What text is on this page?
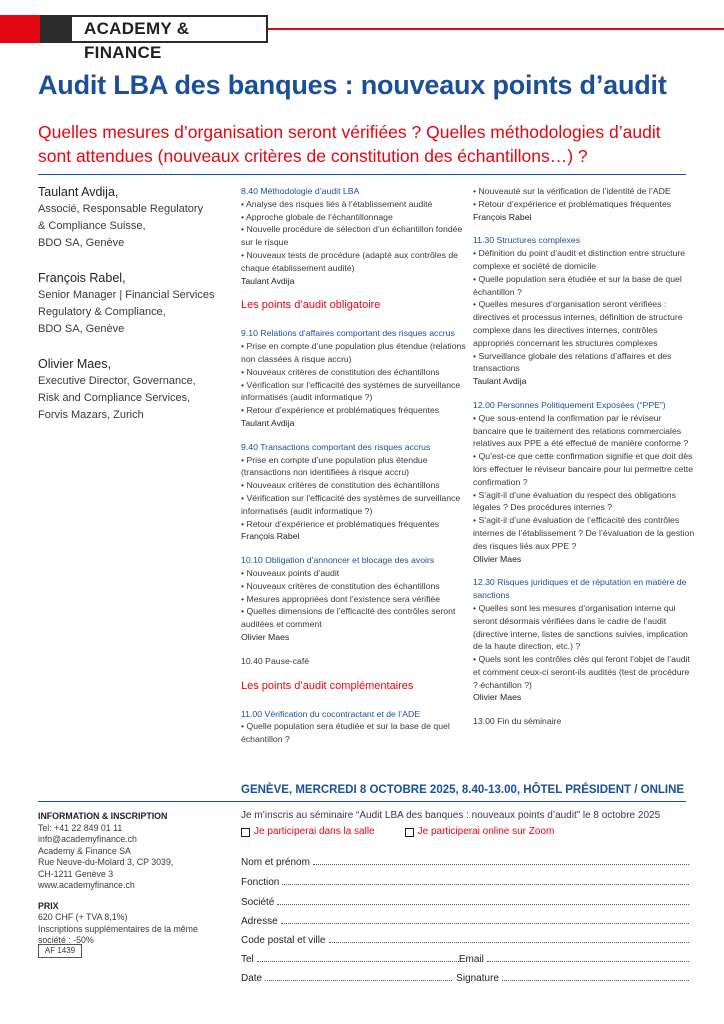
ACADEMY & FINANCE
Audit LBA des banques : nouveaux points d’audit

Quelles mesures d’organisation seront vérifiées ? Quelles méthodologies d’audit sont attendues (nouveaux critères de constitution des échantillons…) ?

Taulant Avdija,
Associé, Responsable Regulatory
& Compliance Suisse,
BDO SA, Genève
François Rabel,
Senior Manager | Financial Services
Regulatory & Compliance,
BDO SA, Genève
Olivier Maes,
Executive Director, Governance,
Risk and Compliance Services,
Forvis Mazars, Zurich
8.40 Méthodologie d’audit LBA
• Analyse des risques liés à l’établissement audité
• Approche globale de l’échantillonnage
• Nouvelle procédure de sélection d’un échantillon fondée sur le risque
• Nouveaux tests de procédure (adapté aux contrôles de chaque établissement audité)
Taulant Avdija
Les points d’audit obligatoire
9.10 Relations d’affaires comportant des risques accrus
• Prise en compte d’une population plus étendue (relations non classées à risque accru)
• Nouveaux critères de constitution des échantillons
• Vérification sur l’efficacité des systèmes de surveillance informatisés (audit informatique ?)
• Retour d’expérience et problématiques fréquentes
Taulant Avdija
9.40 Transactions comportant des risques accrus
• Prise en compte d’une population plus étendue (transactions non identifiées à risque accru)
• Nouveaux critères de constitution des échantillons
• Vérification sur l’efficacité des systèmes de surveillance informatisés (audit informatique ?)
• Retour d’expérience et problématiques fréquentes
François Rabel
10.10 Obligation d’annoncer et blocage des avoirs
• Nouveaux points d’audit
• Nouveaux critères de constitution des échantillons
• Mesures appropriées dont l’existence sera vérifiée
• Quelles dimensions de l’efficacité des contrôles seront auditées et comment
Olivier Maes
10.40 Pause-café
Les points d’audit complémentaires
11.00 Vérification du cocontractant et de l’ADE
• Quelle population sera étudiée et sur la base de quel échantillon ?
• Nouveauté sur la vérification de l’identité de l’ADE
• Retour d’expérience et problématiques fréquentes
François Rabel
11.30 Structures complexes
• Définition du point d’audit et distinction entre structure complexe et société de domicile
• Quelle population sera étudiée et sur la base de quel échantillon ?
• Quelles mesures d’organisation seront vérifiées : directives et processus internes, définition de structure complexe dans les directives internes, contrôles appropriés concernant les structures complexes
• Surveillance globale des relations d’affaires et des transactions
Taulant Avdija
12.00 Personnes Politiquement Exposées (“PPE”)
• Que sous-entend la confirmation par le réviseur bancaire que le traitement des relations commerciales relatives aux PPE a été effectué de manière conforme ?
• Qu’est-ce que cette confirmation signifie et que doit dès lors effectuer le réviseur bancaire pour lui permettre cette confirmation ?
• S’agit-il d’une évaluation du respect des obligations légales ? Des procédures internes ?
• S’agit-il d’une évaluation de l’efficacité des contrôles internes de l’établissement ? De l’évaluation de la gestion des risques liés aux PPE ?
Olivier Maes
12.30 Risques juridiques et de réputation en matière de sanctions
• Quelles sont les mesures d’organisation interne qui seront désormais vérifiées dans le cadre de l’audit (directive interne, listes de sanctions suivies, implication de la haute direction, etc.) ?
• Quels sont les contrôles clés qui feront l’objet de l’audit et comment ceux-ci seront-ils audités (test de procédure ? échantillon ?)
Olivier Maes
13.00 Fin du séminaire
GENÈVE, MERCREDI 8 OCTOBRE 2025, 8.40-13.00, HÔTEL PRÉSIDENT / ONLINE
INFORMATION & INSCRIPTION
Tel: +41 22 849 01 11
info@academyfinance.ch
Academy & Finance SA
Rue Neuve-du-Molard 3, CP 3039,
CH-1211 Genève 3
www.academyfinance.ch
PRIX
620 CHF (+ TVA 8,1%)
Inscriptions supplémentaires de la même
société : -50%
AF 1439
Je m’inscris au séminaire “Audit LBA des banques : nouveaux points d’audit” le 8 octobre 2025
Je participerai dans la salle	Je participerai online sur Zoom
Nom et prénom
Fonction
Société
Adresse
Code postal et ville
Tel	Email
Date	Signature
